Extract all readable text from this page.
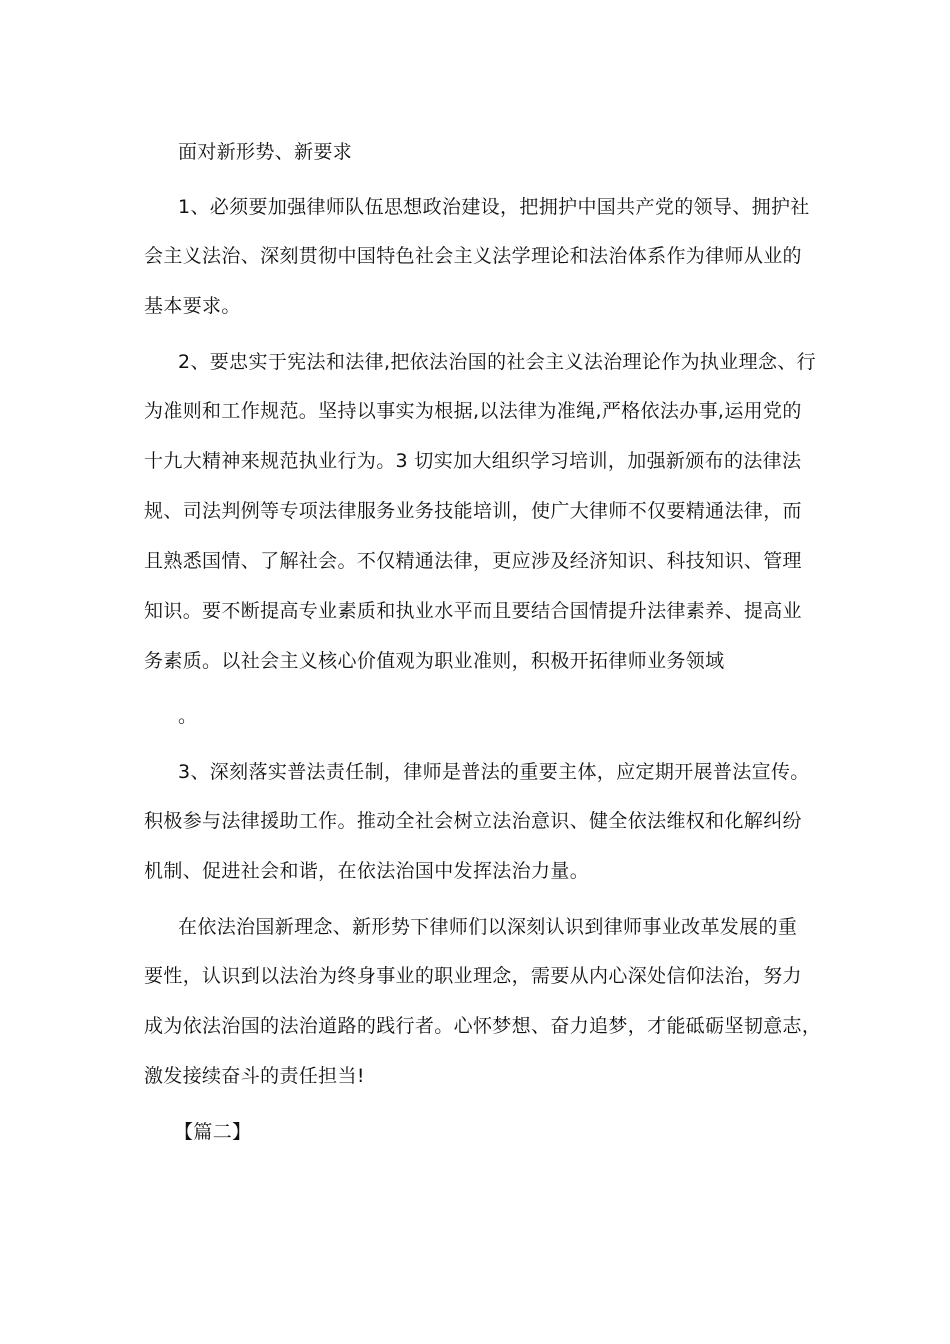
面对新形势、新要求

1、必须要加强律师队伍思想政治建设，把拥护中国共产党的领导、拥护社

会主义法治、深刻贯彻中国特色社会主义法学理论和法治体系作为律师从业的

基本要求。

2、要忠实于宪法和法律,把依法治国的社会主义法治理论作为执业理念、行

为准则和工作规范。坚持以事实为根据,以法律为准绳,严格依法办事,运用党的

十九大精神来规范执业行为。3 切实加大组织学习培训，加强新颁布的法律法

规、司法判例等专项法律服务业务技能培训，使广大律师不仅要精通法律，而

且熟悉国情、了解社会。不仅精通法律，更应涉及经济知识、科技知识、管理

知识。要不断提高专业素质和执业水平而且要结合国情提升法律素养、提高业

务素质。以社会主义核心价值观为职业准则，积极开拓律师业务领域

。

3、深刻落实普法责任制，律师是普法的重要主体，应定期开展普法宣传。

积极参与法律援助工作。推动全社会树立法治意识、健全依法维权和化解纠纷

机制、促进社会和谐，在依法治国中发挥法治力量。

在依法治国新理念、新形势下律师们以深刻认识到律师事业改革发展的重

要性，认识到以法治为终身事业的职业理念，需要从内心深处信仰法治，努力

成为依法治国的法治道路的践行者。心怀梦想、奋力追梦，才能砥砺坚韧意志，

激发接续奋斗的责任担当!

【篇二】
